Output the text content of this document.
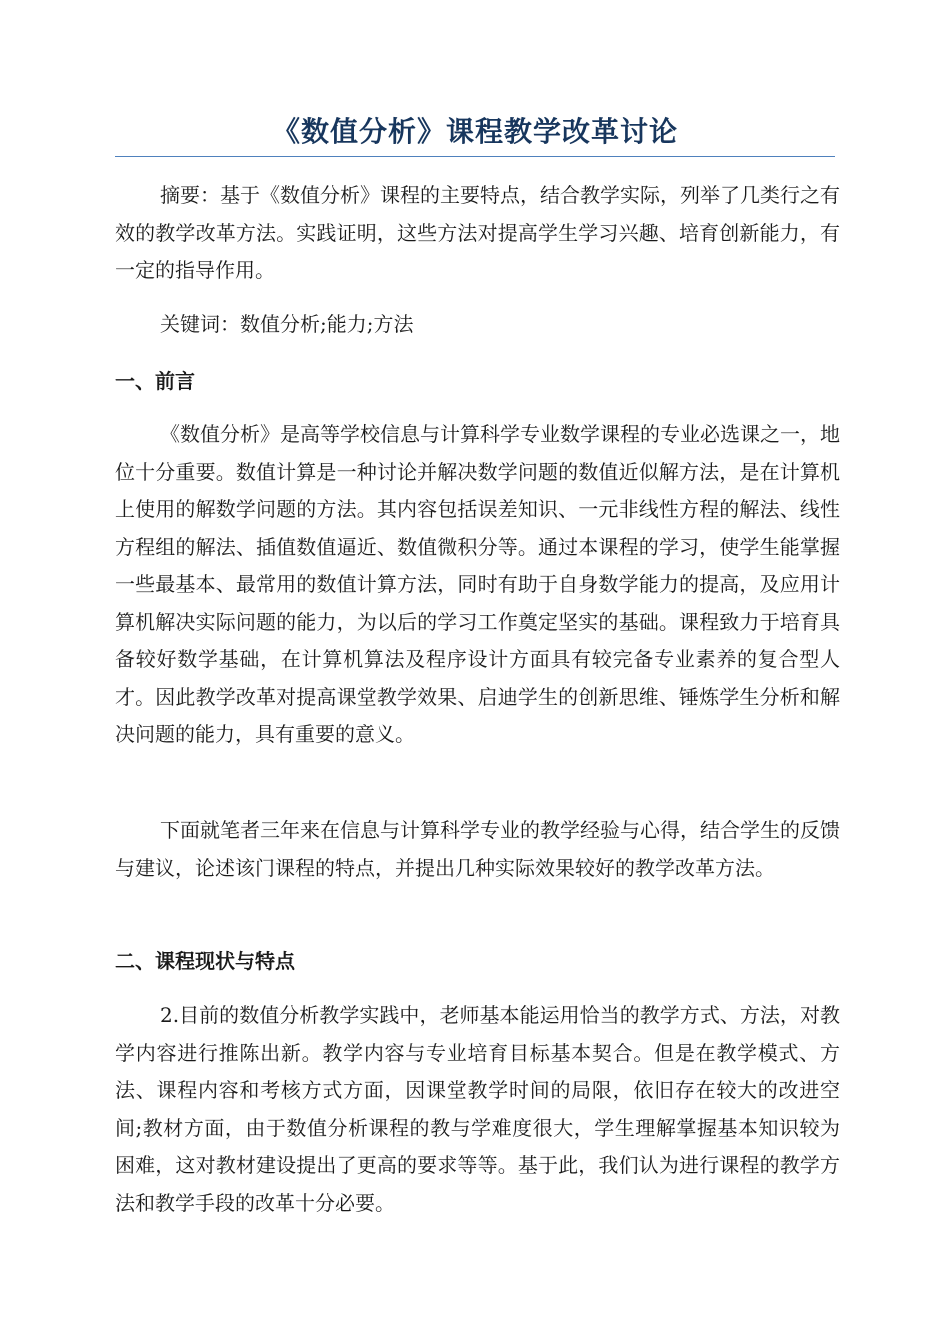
《数值分析》课程教学改革讨论

摘要：基于《数值分析》课程的主要特点，结合教学实际，列举了几类行之有效的教学改革方法。实践证明，这些方法对提高学生学习兴趣、培育创新能力，有一定的指导作用。

关键词：数值分析;能力;方法

一、前言

《数值分析》是高等学校信息与计算科学专业数学课程的专业必选课之一，地位十分重要。数值计算是一种讨论并解决数学问题的数值近似解方法，是在计算机上使用的解数学问题的方法。其内容包括误差知识、一元非线性方程的解法、线性方程组的解法、插值数值逼近、数值微积分等。通过本课程的学习，使学生能掌握一些最基本、最常用的数值计算方法，同时有助于自身数学能力的提高，及应用计算机解决实际问题的能力，为以后的学习工作奠定坚实的基础。课程致力于培育具备较好数学基础，在计算机算法及程序设计方面具有较完备专业素养的复合型人才。因此教学改革对提高课堂教学效果、启迪学生的创新思维、锤炼学生分析和解决问题的能力，具有重要的意义。

下面就笔者三年来在信息与计算科学专业的教学经验与心得，结合学生的反馈与建议，论述该门课程的特点，并提出几种实际效果较好的教学改革方法。

二、课程现状与特点

2.目前的数值分析教学实践中，老师基本能运用恰当的教学方式、方法，对教学内容进行推陈出新。教学内容与专业培育目标基本契合。但是在教学模式、方法、课程内容和考核方式方面，因课堂教学时间的局限，依旧存在较大的改进空间;教材方面，由于数值分析课程的教与学难度很大，学生理解掌握基本知识较为困难，这对教材建设提出了更高的要求等等。基于此，我们认为进行课程的教学方法和教学手段的改革十分必要。
